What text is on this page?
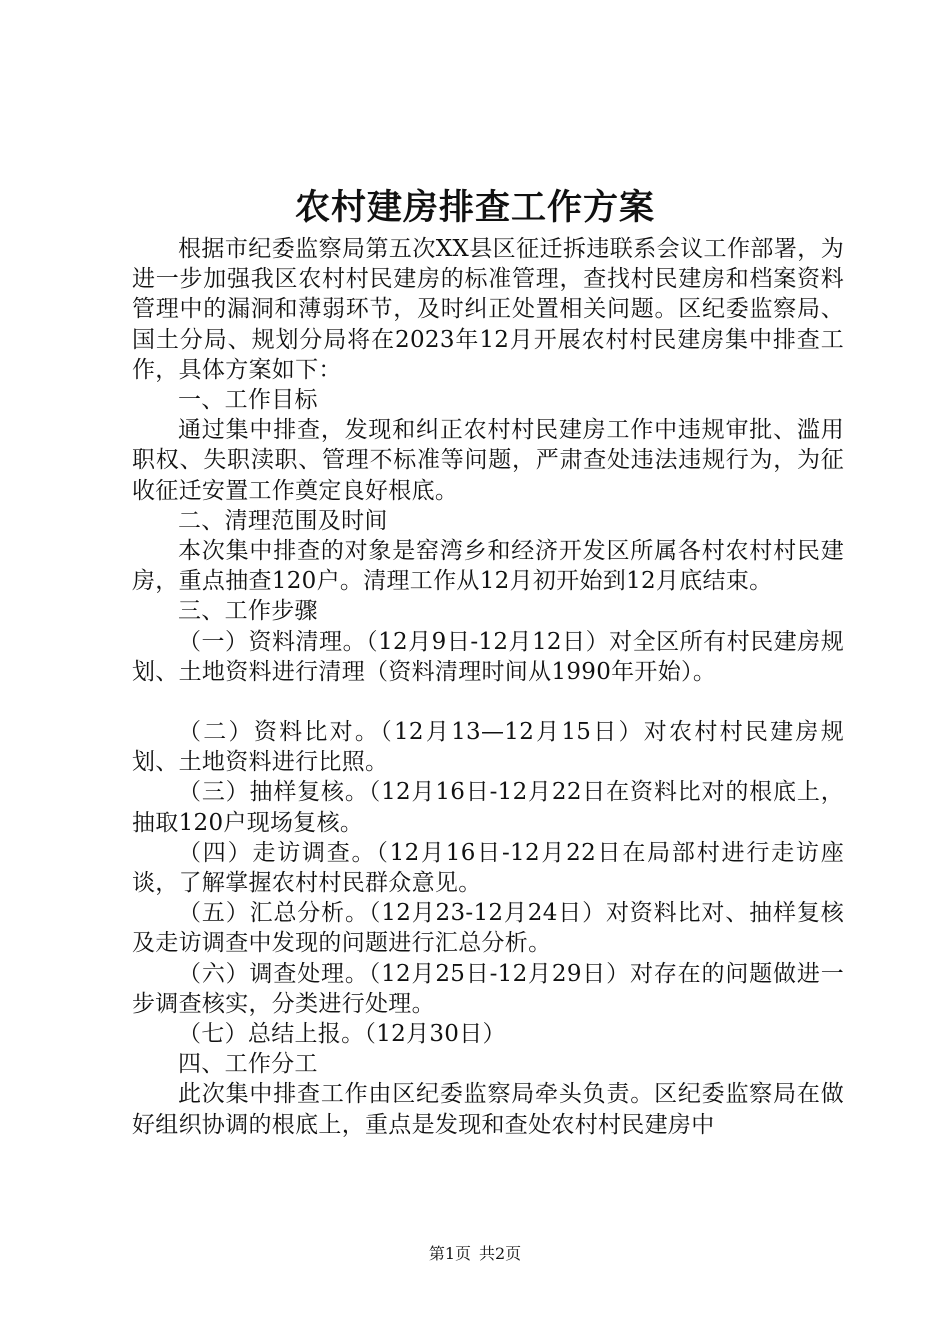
农村建房排查工作方案

根据市纪委监察局第五次XX县区征迁拆违联系会议工作部署，为进一步加强我区农村村民建房的标准管理，查找村民建房和档案资料管理中的漏洞和薄弱环节，及时纠正处置相关问题。区纪委监察局、国土分局、规划分局将在2023年12月开展农村村民建房集中排查工作，具体方案如下：

一、工作目标

通过集中排查，发现和纠正农村村民建房工作中违规审批、滥用职权、失职渎职、管理不标准等问题，严肃查处违法违规行为，为征收征迁安置工作奠定良好根底。

二、清理范围及时间

本次集中排查的对象是窑湾乡和经济开发区所属各村农村村民建房，重点抽查120户。清理工作从12月初开始到12月底结束。

三、工作步骤

（一）资料清理。（12月9日-12月12日）对全区所有村民建房规划、土地资料进行清理（资料清理时间从1990年开始）。

（二）资料比对。（12月13—12月15日）对农村村民建房规划、土地资料进行比照。

（三）抽样复核。（12月16日-12月22日在资料比对的根底上，抽取120户现场复核。

（四）走访调查。（12月16日-12月22日在局部村进行走访座谈，了解掌握农村村民群众意见。

（五）汇总分析。（12月23-12月24日）对资料比对、抽样复核及走访调查中发现的问题进行汇总分析。

（六）调查处理。（12月25日-12月29日）对存在的问题做进一步调查核实，分类进行处理。

（七）总结上报。（12月30日）

四、工作分工

此次集中排查工作由区纪委监察局牵头负责。区纪委监察局在做好组织协调的根底上，重点是发现和查处农村村民建房中

第1页 共2页
